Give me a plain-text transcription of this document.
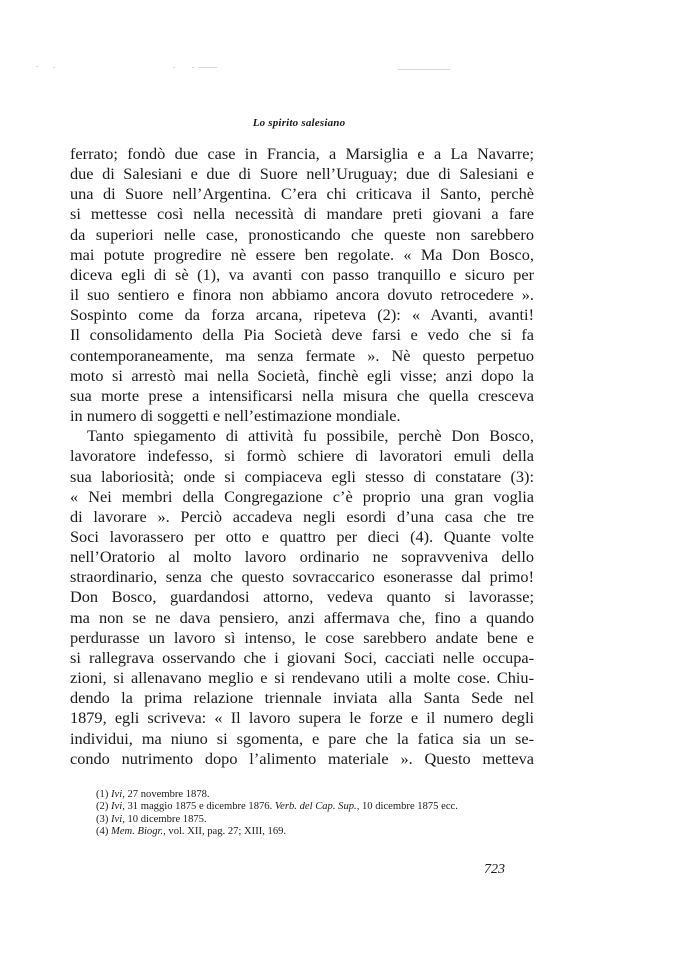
Lo spirito salesiano
ferrato; fondò due case in Francia, a Marsiglia e a La Navarre;
due di Salesiani e due di Suore nell’Uruguay; due di Salesiani e
una di Suore nell’Argentina. C’era chi criticava il Santo, perchè
si mettesse così nella necessità di mandare preti giovani a fare
da superiori nelle case, pronosticando che queste non sarebbero
mai potute progredire nè essere ben regolate. « Ma Don Bosco,
diceva egli di sè (1), va avanti con passo tranquillo e sicuro per
il suo sentiero e finora non abbiamo ancora dovuto retrocedere ».
Sospinto come da forza arcana, ripeteva (2): « Avanti, avanti!
Il consolidamento della Pia Società deve farsi e vedo che si fa
contemporaneamente, ma senza fermate ». Nè questo perpetuo
moto si arrestò mai nella Società, finchè egli visse; anzi dopo la
sua morte prese a intensificarsi nella misura che quella cresceva
in numero di soggetti e nell’estimazione mondiale.
Tanto spiegamento di attività fu possibile, perchè Don Bosco,
lavoratore indefesso, si formò schiere di lavoratori emuli della
sua laboriosità; onde si compiaceva egli stesso di constatare (3):
« Nei membri della Congregazione c’è proprio una gran voglia
di lavorare ». Perciò accadeva negli esordi d’una casa che tre
Soci lavorassero per otto e quattro per dieci (4). Quante volte
nell’Oratorio al molto lavoro ordinario ne sopravveniva dello
straordinario, senza che questo sovraccarico esonerasse dal primo!
Don Bosco, guardandosi attorno, vedeva quanto si lavorasse;
ma non se ne dava pensiero, anzi affermava che, fino a quando
perdurasse un lavoro sì intenso, le cose sarebbero andate bene e
si rallegrava osservando che i giovani Soci, cacciati nelle occupa-
zioni, si allenavano meglio e si rendevano utili a molte cose. Chiu-
dendo la prima relazione triennale inviata alla Santa Sede nel
1879, egli scriveva: « Il lavoro supera le forze e il numero degli
individui, ma niuno si sgomenta, e pare che la fatica sia un se-
condo nutrimento dopo l’alimento materiale ». Questo metteva
(1) Ivi, 27 novembre 1878.
(2) Ivi, 31 maggio 1875 e dicembre 1876. Verb. del Cap. Sup., 10 dicembre 1875 ecc.
(3) Ivi, 10 dicembre 1875.
(4) Mem. Biogr., vol. XII, pag. 27; XIII, 169.
723
